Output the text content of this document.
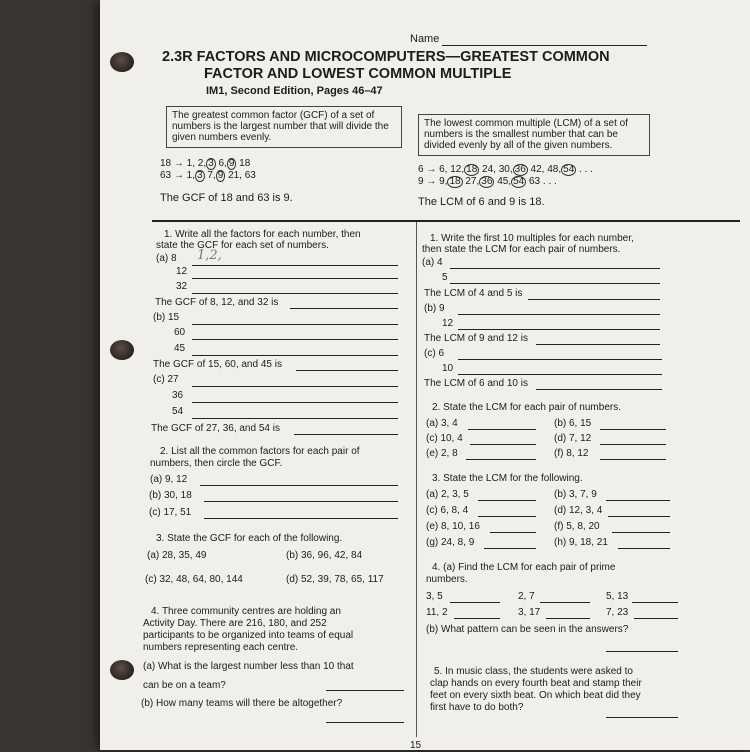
Name
2.3R FACTORS AND MICROCOMPUTERS—GREATEST COMMON
FACTOR AND LOWEST COMMON MULTIPLE
IM1, Second Edition, Pages 46–47
The greatest common factor (GCF) of a set of
numbers is the largest number that will divide the
given numbers evenly.
18 → 1, 2, 3 6, 9 18
63 → 1, 3 7, 9 21, 63
The GCF of 18 and 63 is 9.
The lowest common multiple (LCM) of a set of
numbers is the smallest number that can be
divided evenly by all of the given numbers.
6 → 6, 12, 18 24, 30, 36 42, 48, 54 . . .
9 → 9, 18 27, 36 45, 54 63 . . .
The LCM of 6 and 9 is 18.
1. Write all the factors for each number, then
state the GCF for each set of numbers.
(a) 8 1,2,
12
32
The GCF of 8, 12, and 32 is
(b) 15
60
45
The GCF of 15, 60, and 45 is
(c) 27
36
54
The GCF of 27, 36, and 54 is
2. List all the common factors for each pair of
numbers, then circle the GCF.
(a) 9, 12
(b) 30, 18
(c) 17, 51
3. State the GCF for each of the following.
(a) 28, 35, 49	(b) 36, 96, 42, 84
(c) 32, 48, 64, 80, 144	(d) 52, 39, 78, 65, 117
4. Three community centres are holding an
Activity Day. There are 216, 180, and 252
participants to be organized into teams of equal
numbers representing each centre.
(a) What is the largest number less than 10 that
can be on a team?
(b) How many teams will there be altogether?
1. Write the first 10 multiples for each number,
then state the LCM for each pair of numbers.
(a) 4
5
The LCM of 4 and 5 is
(b) 9
12
The LCM of 9 and 12 is
(c) 6
10
The LCM of 6 and 10 is
2. State the LCM for each pair of numbers.
(a) 3, 4	(b) 6, 15
(c) 10, 4	(d) 7, 12
(e) 2, 8	(f) 8, 12
3. State the LCM for the following.
(a) 2, 3, 5	(b) 3, 7, 9
(c) 6, 8, 4	(d) 12, 3, 4
(e) 8, 10, 16	(f) 5, 8, 20
(g) 24, 8, 9	(h) 9, 18, 21
4. (a) Find the LCM for each pair of prime
numbers.
3, 5	2, 7	5, 13
11, 2	3, 17	7, 23
(b) What pattern can be seen in the answers?
5. In music class, the students were asked to
clap hands on every fourth beat and stamp their
feet on every sixth beat. On which beat did they
first have to do both?
15
